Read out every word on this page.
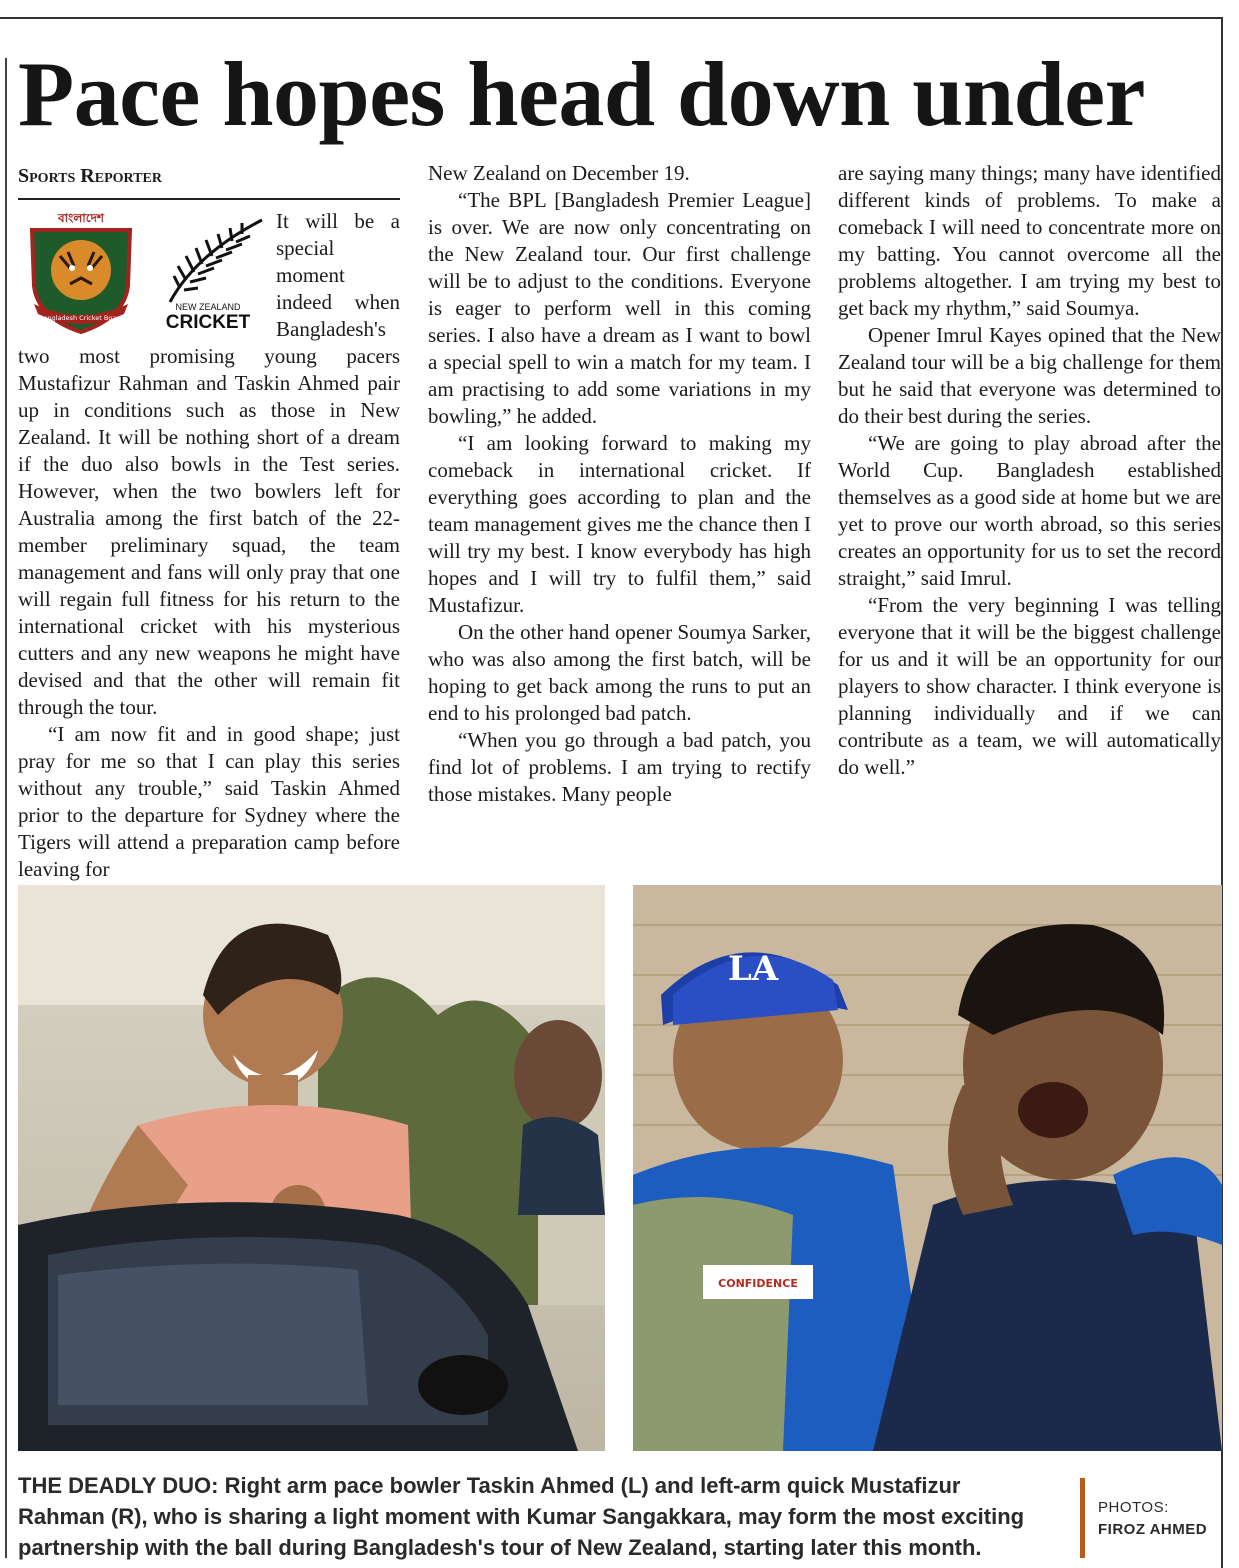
Pace hopes head down under
Sports Reporter
বাংলাদেশ
Bangladesh Cricket Board
NEW ZEALAND
CRICKET

It will be a special moment indeed when Bangladesh's two most promising young pacers Mustafizur Rahman and Taskin Ahmed pair up in conditions such as those in New Zealand. It will be nothing short of a dream if the duo also bowls in the Test series. However, when the two bowlers left for Australia among the first batch of the 22-member preliminary squad, the team management and fans will only pray that one will regain full fitness for his return to the international cricket with his mysterious cutters and any new weapons he might have devised and that the other will remain fit through the tour.

“I am now fit and in good shape; just pray for me so that I can play this series without any trouble,” said Taskin Ahmed prior to the departure for Sydney where the Tigers will attend a preparation camp before leaving for

New Zealand on December 19.

“The BPL [Bangladesh Premier League] is over. We are now only concentrating on the New Zealand tour. Our first challenge will be to adjust to the conditions. Everyone is eager to perform well in this coming series. I also have a dream as I want to bowl a special spell to win a match for my team. I am practising to add some variations in my bowling,” he added.

“I am looking forward to making my comeback in international cricket. If everything goes according to plan and the team management gives me the chance then I will try my best. I know everybody has high hopes and I will try to fulfil them,” said Mustafizur.

On the other hand opener Soumya Sarker, who was also among the first batch, will be hoping to get back among the runs to put an end to his prolonged bad patch.

“When you go through a bad patch, you find lot of problems. I am trying to rectify those mistakes. Many people

are saying many things; many have identified different kinds of problems. To make a comeback I will need to concentrate more on my batting. You cannot overcome all the problems altogether. I am trying my best to get back my rhythm,” said Soumya.

Opener Imrul Kayes opined that the New Zealand tour will be a big challenge for them but he said that everyone was determined to do their best during the series.

“We are going to play abroad after the World Cup. Bangladesh established themselves as a good side at home but we are yet to prove our worth abroad, so this series creates an opportunity for us to set the record straight,” said Imrul.

“From the very beginning I was telling everyone that it will be the biggest challenge for us and it will be an opportunity for our players to show character. I think everyone is planning individually and if we can contribute as a team, we will automatically do well.”

LA
CONFIDENCE

THE DEADLY DUO: Right arm pace bowler Taskin Ahmed (L) and left-arm quick Mustafizur Rahman (R), who is sharing a light moment with Kumar Sangakkara, may form the most exciting partnership with the ball during Bangladesh's tour of New Zealand, starting later this month.

PHOTOS:
FIROZ AHMED
